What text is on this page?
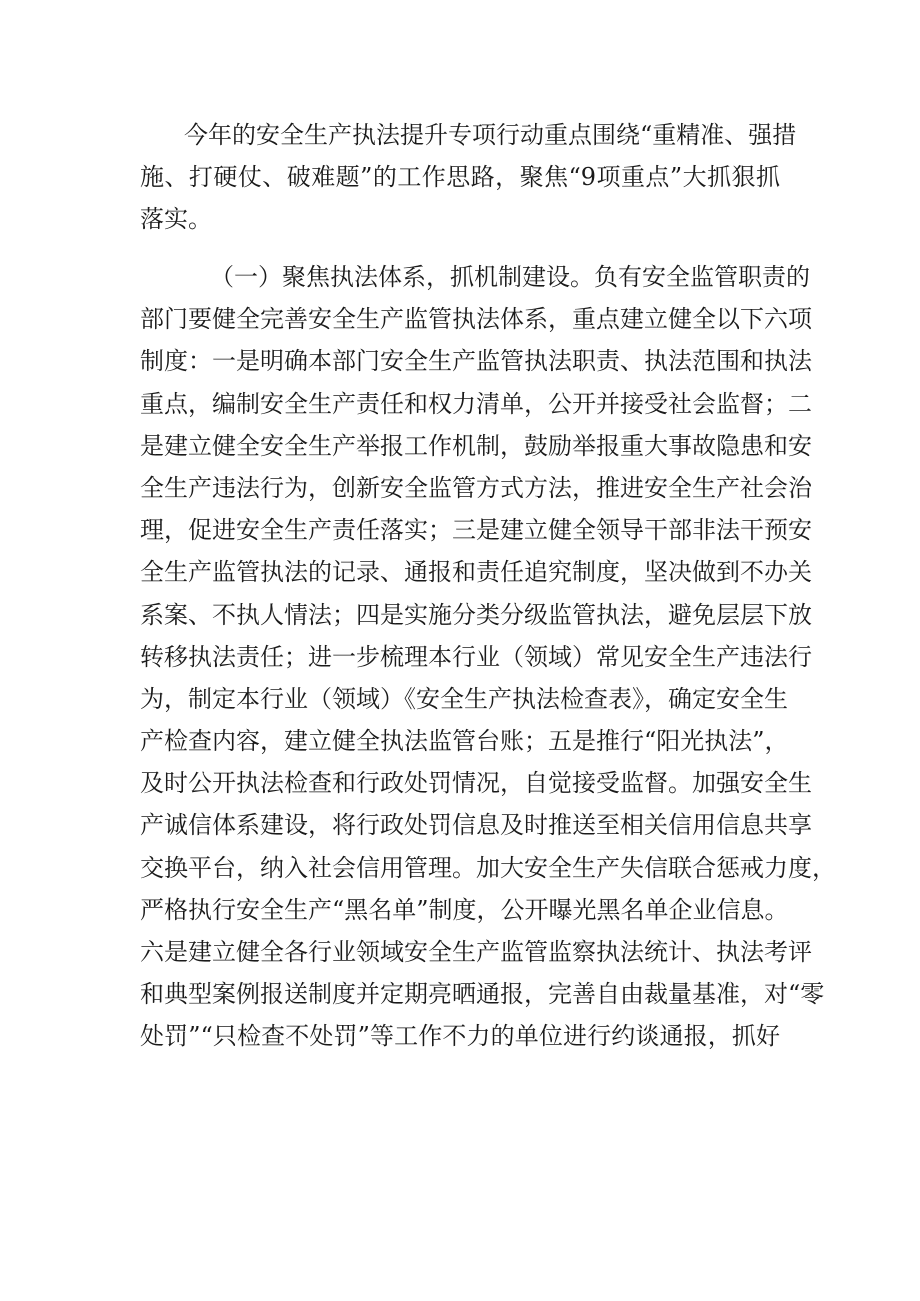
今年的安全生产执法提升专项行动重点围绕“重精准、强措
施、打硬仗、破难题”的工作思路，聚焦“9项重点”大抓狠抓
落实。
（一）聚焦执法体系，抓机制建设。负有安全监管职责的
部门要健全完善安全生产监管执法体系，重点建立健全以下六项
制度：一是明确本部门安全生产监管执法职责、执法范围和执法
重点，编制安全生产责任和权力清单，公开并接受社会监督；二
是建立健全安全生产举报工作机制，鼓励举报重大事故隐患和安
全生产违法行为，创新安全监管方式方法，推进安全生产社会治
理，促进安全生产责任落实；三是建立健全领导干部非法干预安
全生产监管执法的记录、通报和责任追究制度，坚决做到不办关
系案、不执人情法；四是实施分类分级监管执法，避免层层下放
转移执法责任；进一步梳理本行业（领域）常见安全生产违法行
为，制定本行业（领域）《安全生产执法检查表》，确定安全生
产检查内容，建立健全执法监管台账；五是推行“阳光执法”，
及时公开执法检查和行政处罚情况，自觉接受监督。加强安全生
产诚信体系建设，将行政处罚信息及时推送至相关信用信息共享
交换平台，纳入社会信用管理。加大安全生产失信联合惩戒力度，
严格执行安全生产“黑名单”制度，公开曝光黑名单企业信息。
六是建立健全各行业领域安全生产监管监察执法统计、执法考评
和典型案例报送制度并定期亮晒通报，完善自由裁量基准，对“零
处罚”“只检查不处罚”等工作不力的单位进行约谈通报，抓好
